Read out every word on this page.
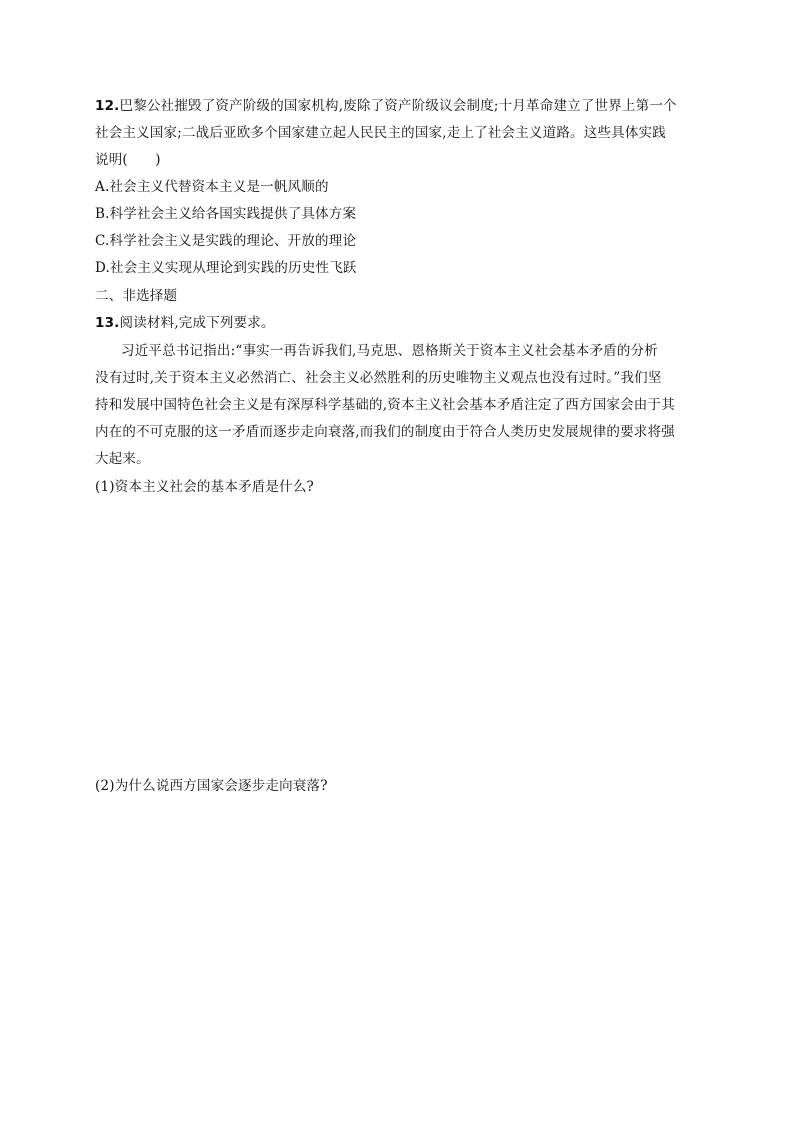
12.巴黎公社摧毁了资产阶级的国家机构,废除了资产阶级议会制度;十月革命建立了世界上第一个
社会主义国家;二战后亚欧多个国家建立起人民民主的国家,走上了社会主义道路。这些具体实践
说明(　　)
A.社会主义代替资本主义是一帆风顺的
B.科学社会主义给各国实践提供了具体方案
C.科学社会主义是实践的理论、开放的理论
D.社会主义实现从理论到实践的历史性飞跃
二、非选择题
13.阅读材料,完成下列要求。
习近平总书记指出:“事实一再告诉我们,马克思、恩格斯关于资本主义社会基本矛盾的分析
没有过时,关于资本主义必然消亡、社会主义必然胜利的历史唯物主义观点也没有过时。”我们坚
持和发展中国特色社会主义是有深厚科学基础的,资本主义社会基本矛盾注定了西方国家会由于其
内在的不可克服的这一矛盾而逐步走向衰落,而我们的制度由于符合人类历史发展规律的要求将强
大起来。
(1)资本主义社会的基本矛盾是什么?
(2)为什么说西方国家会逐步走向衰落?
